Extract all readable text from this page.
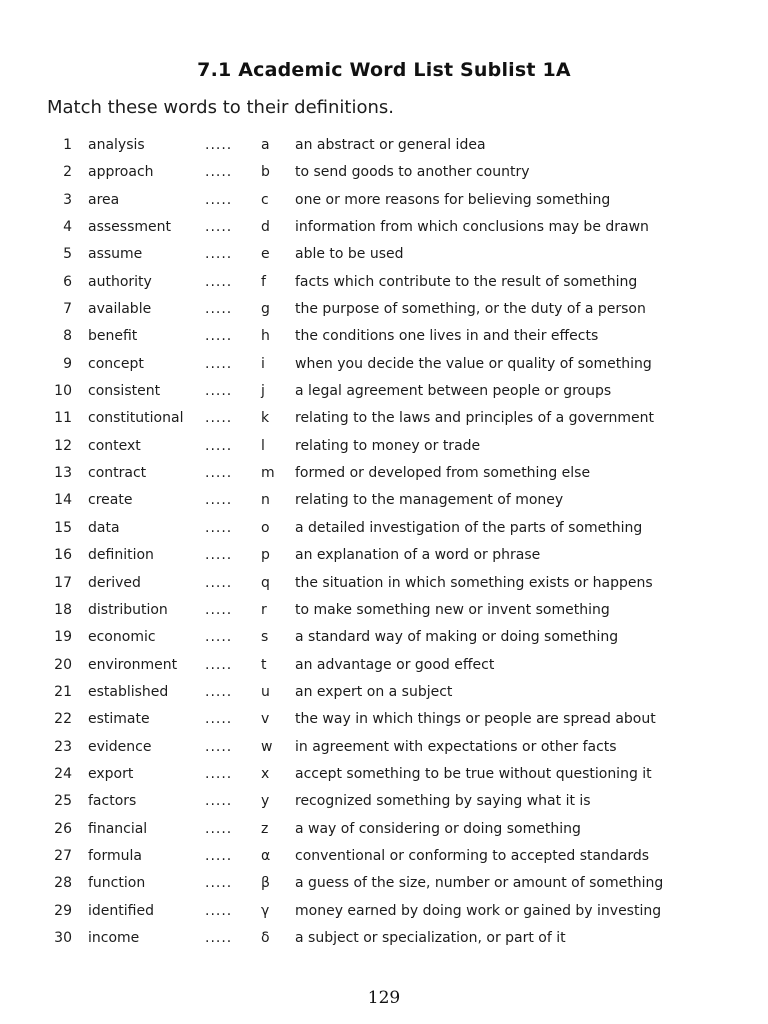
7.1 Academic Word List Sublist 1A
Match these words to their definitions.
1 analysis	..... a an abstract or general idea
2 approach	..... b to send goods to another country
3 area	..... c one or more reasons for believing something
4 assessment ..... d information from which conclusions may be drawn
5 assume	..... e able to be used
6 authority	..... f facts which contribute to the result of something
7 available	..... g the purpose of something, or the duty of a person
8 benefit	..... h the conditions one lives in and their effects
9 concept	..... i when you decide the value or quality of something
10 consistent	..... j a legal agreement between people or groups
11 constitutional ..... k relating to the laws and principles of a government
12 context	..... l relating to money or trade
13 contract	..... m formed or developed from something else
14 create	..... n relating to the management of money
15 data	..... o a detailed investigation of the parts of something
16 definition	..... p an explanation of a word or phrase
17 derived	..... q the situation in which something exists or happens
18 distribution	..... r to make something new or invent something
19 economic	..... s a standard way of making or doing something
20 environment ..... t an advantage or good effect
21 established	..... u an expert on a subject
22 estimate	..... v the way in which things or people are spread about
23 evidence	..... w in agreement with expectations or other facts
24 export	..... x accept something to be true without questioning it
25 factors	..... y recognized something by saying what it is
26 financial	..... z a way of considering or doing something
27 formula	..... α conventional or conforming to accepted standards
28 function	..... β a guess of the size, number or amount of something
29 identified	..... γ money earned by doing work or gained by investing
30 income	..... δ a subject or specialization, or part of it
129
